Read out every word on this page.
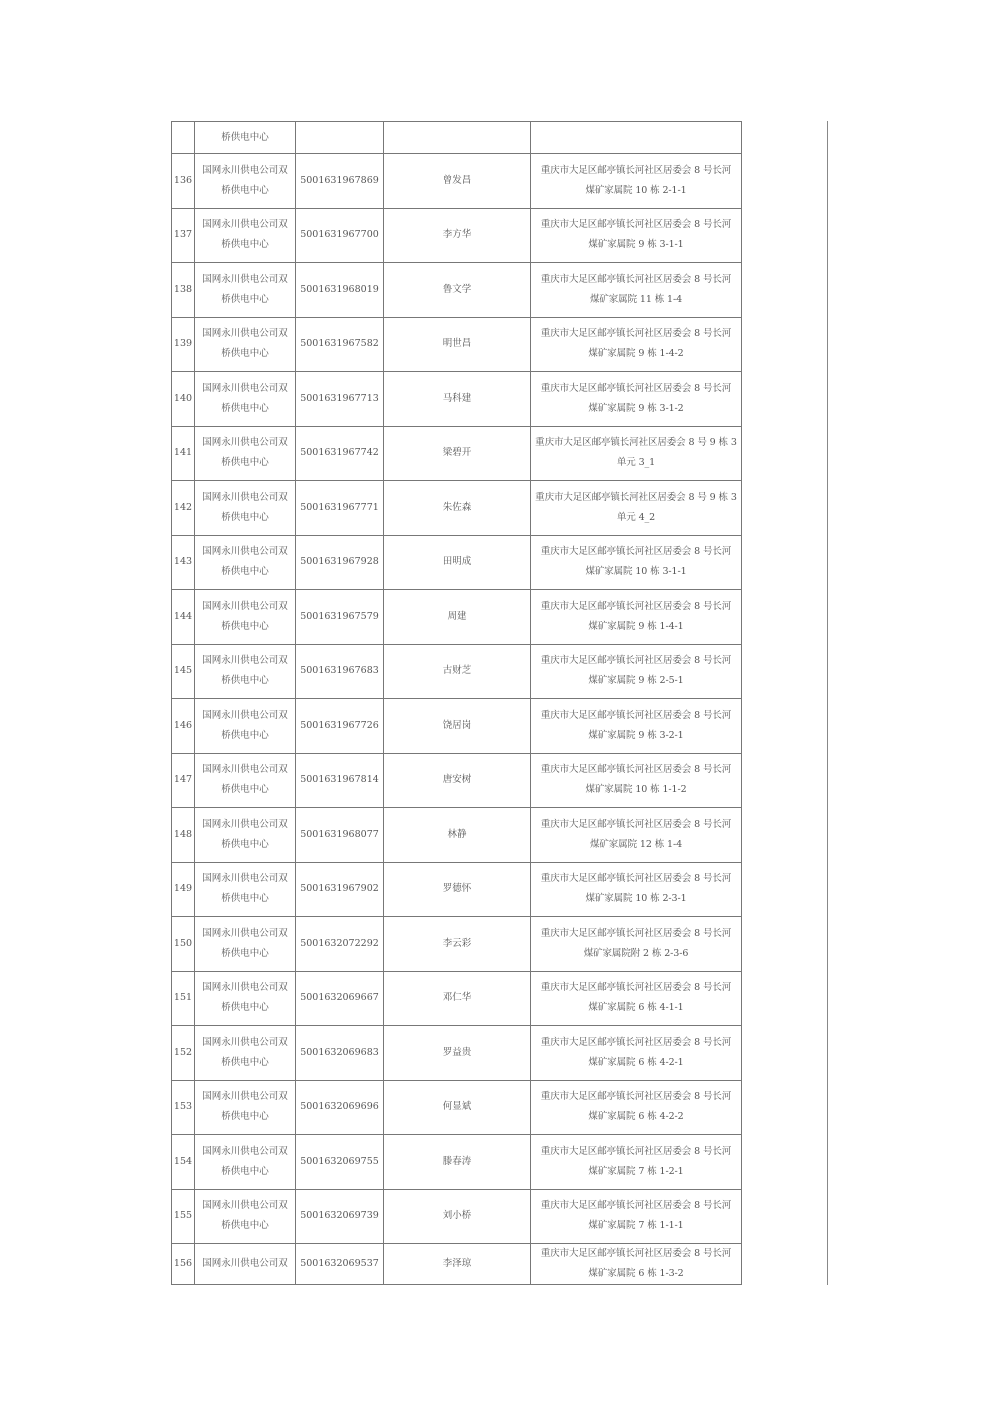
	桥供电中心			
136	国网永川供电公司双
桥供电中心	5001631967869	曾发昌	重庆市大足区邮亭镇长河社区居委会 8 号长河
煤矿家属院 10 栋 2-1-1

137	国网永川供电公司双
桥供电中心	5001631967700	李方华	重庆市大足区邮亭镇长河社区居委会 8 号长河
煤矿家属院 9 栋 3-1-1

138	国网永川供电公司双
桥供电中心	5001631968019	鲁文学	重庆市大足区邮亭镇长河社区居委会 8 号长河
煤矿家属院 11 栋 1-4

139	国网永川供电公司双
桥供电中心	5001631967582	明世昌	重庆市大足区邮亭镇长河社区居委会 8 号长河
煤矿家属院 9 栋 1-4-2

140	国网永川供电公司双
桥供电中心	5001631967713	马科建	重庆市大足区邮亭镇长河社区居委会 8 号长河
煤矿家属院 9 栋 3-1-2

141	国网永川供电公司双
桥供电中心	5001631967742	梁碧开	重庆市大足区邮亭镇长河社区居委会 8 号 9 栋 3
单元 3_1

142	国网永川供电公司双
桥供电中心	5001631967771	朱佐森	重庆市大足区邮亭镇长河社区居委会 8 号 9 栋 3
单元 4_2

143	国网永川供电公司双
桥供电中心	5001631967928	田明成	重庆市大足区邮亭镇长河社区居委会 8 号长河
煤矿家属院 10 栋 3-1-1

144	国网永川供电公司双
桥供电中心	5001631967579	周建	重庆市大足区邮亭镇长河社区居委会 8 号长河
煤矿家属院 9 栋 1-4-1

145	国网永川供电公司双
桥供电中心	5001631967683	古财芝	重庆市大足区邮亭镇长河社区居委会 8 号长河
煤矿家属院 9 栋 2-5-1

146	国网永川供电公司双
桥供电中心	5001631967726	饶居岗	重庆市大足区邮亭镇长河社区居委会 8 号长河
煤矿家属院 9 栋 3-2-1

147	国网永川供电公司双
桥供电中心	5001631967814	唐安树	重庆市大足区邮亭镇长河社区居委会 8 号长河
煤矿家属院 10 栋 1-1-2

148	国网永川供电公司双
桥供电中心	5001631968077	林静	重庆市大足区邮亭镇长河社区居委会 8 号长河
煤矿家属院 12 栋 1-4

149	国网永川供电公司双
桥供电中心	5001631967902	罗德怀	重庆市大足区邮亭镇长河社区居委会 8 号长河
煤矿家属院 10 栋 2-3-1

150	国网永川供电公司双
桥供电中心	5001632072292	李云彩	重庆市大足区邮亭镇长河社区居委会 8 号长河
煤矿家属院附 2 栋 2-3-6

151	国网永川供电公司双
桥供电中心	5001632069667	邓仁华	重庆市大足区邮亭镇长河社区居委会 8 号长河
煤矿家属院 6 栋 4-1-1

152	国网永川供电公司双
桥供电中心	5001632069683	罗益贵	重庆市大足区邮亭镇长河社区居委会 8 号长河
煤矿家属院 6 栋 4-2-1

153	国网永川供电公司双
桥供电中心	5001632069696	何显斌	重庆市大足区邮亭镇长河社区居委会 8 号长河
煤矿家属院 6 栋 4-2-2

154	国网永川供电公司双
桥供电中心	5001632069755	滕春涛	重庆市大足区邮亭镇长河社区居委会 8 号长河
煤矿家属院 7 栋 1-2-1

155	国网永川供电公司双
桥供电中心	5001632069739	刘小桥	重庆市大足区邮亭镇长河社区居委会 8 号长河
煤矿家属院 7 栋 1-1-1

156	国网永川供电公司双	5001632069537	李泽琼	重庆市大足区邮亭镇长河社区居委会 8 号长河
煤矿家属院 6 栋 1-3-2
